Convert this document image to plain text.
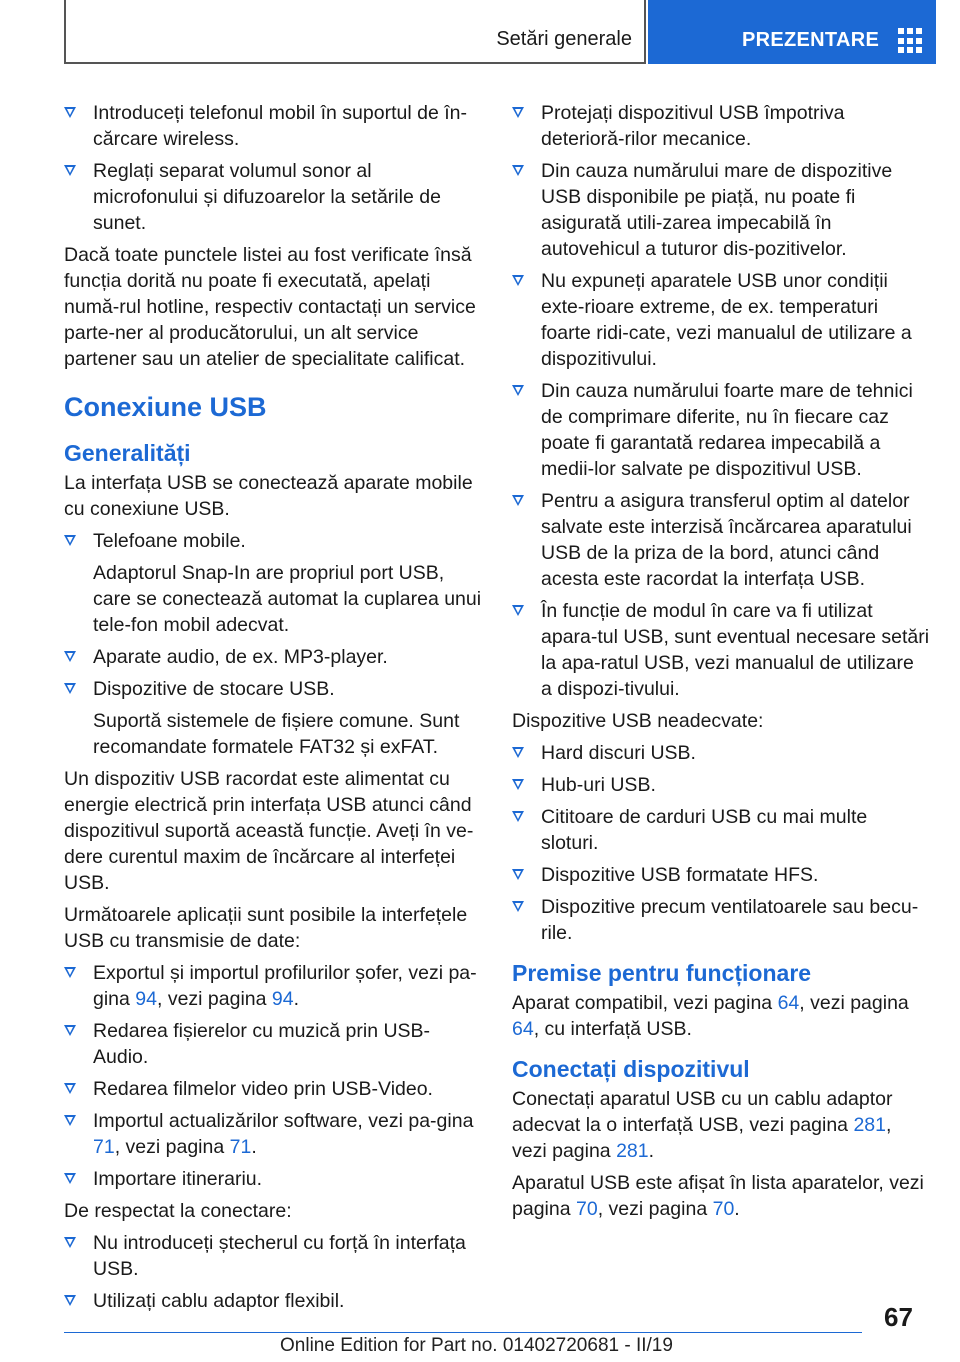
Setări generale	PREZENTARE
Introduceți telefonul mobil în suportul de în-cărcare wireless.
Reglați separat volumul sonor al microfonului și difuzoarelor la setările de sunet.

Dacă toate punctele listei au fost verificate însă funcția dorită nu poate fi executată, apelați numă-rul hotline, respectiv contactați un service parte-ner al producătorului, un alt service partener sau un atelier de specialitate calificat.

Conexiune USB
Generalități

La interfața USB se conectează aparate mobile cu conexiune USB.

Telefoane mobile.

Adaptorul Snap-In are propriul port USB, care se conectează automat la cuplarea unui tele-fon mobil adecvat.

Aparate audio, de ex. MP3-player.
Dispozitive de stocare USB.

Suportă sistemele de fișiere comune. Sunt recomandate formatele FAT32 și exFAT.

Un dispozitiv USB racordat este alimentat cu energie electrică prin interfața USB atunci când dispozitivul suportă această funcție. Aveți în ve-dere curentul maxim de încărcare al interfeței USB.

Următoarele aplicații sunt posibile la interfețele USB cu transmisie de date:

Exportul și importul profilurilor șofer, vezi pa-gina 94, vezi pagina 94.
Redarea fișierelor cu muzică prin USB-Audio.
Redarea filmelor video prin USB-Video.
Importul actualizărilor software, vezi pa-gina 71, vezi pagina 71.
Importare itinerariu.

De respectat la conectare:

Nu introduceți ștecherul cu forță în interfața USB.
Utilizați cablu adaptor flexibil.
Protejați dispozitivul USB împotriva deterioră-rilor mecanice.
Din cauza numărului mare de dispozitive USB disponibile pe piață, nu poate fi asigurată utili-zarea impecabilă în autovehicul a tuturor dis-pozitivelor.
Nu expuneți aparatele USB unor condiții exte-rioare extreme, de ex. temperaturi foarte ridi-cate, vezi manualul de utilizare a dispozitivului.
Din cauza numărului foarte mare de tehnici de comprimare diferite, nu în fiecare caz poate fi garantată redarea impecabilă a medii-lor salvate pe dispozitivul USB.
Pentru a asigura transferul optim al datelor salvate este interzisă încărcarea aparatului USB de la priza de la bord, atunci când acesta este racordat la interfața USB.
În funcție de modul în care va fi utilizat apara-tul USB, sunt eventual necesare setări la apa-ratul USB, vezi manualul de utilizare a dispozi-tivului.

Dispozitive USB neadecvate:

Hard discuri USB.
Hub-uri USB.
Cititoare de carduri USB cu mai multe sloturi.
Dispozitive USB formatate HFS.
Dispozitive precum ventilatoarele sau becu-rile.
Premise pentru funcționare

Aparat compatibil, vezi pagina 64, vezi pagina 64, cu interfață USB.

Conectați dispozitivul

Conectați aparatul USB cu un cablu adaptor adecvat la o interfață USB, vezi pagina 281, vezi pagina 281.

Aparatul USB este afișat în lista aparatelor, vezi pagina 70, vezi pagina 70.

67
Online Edition for Part no. 01402720681 - II/19
